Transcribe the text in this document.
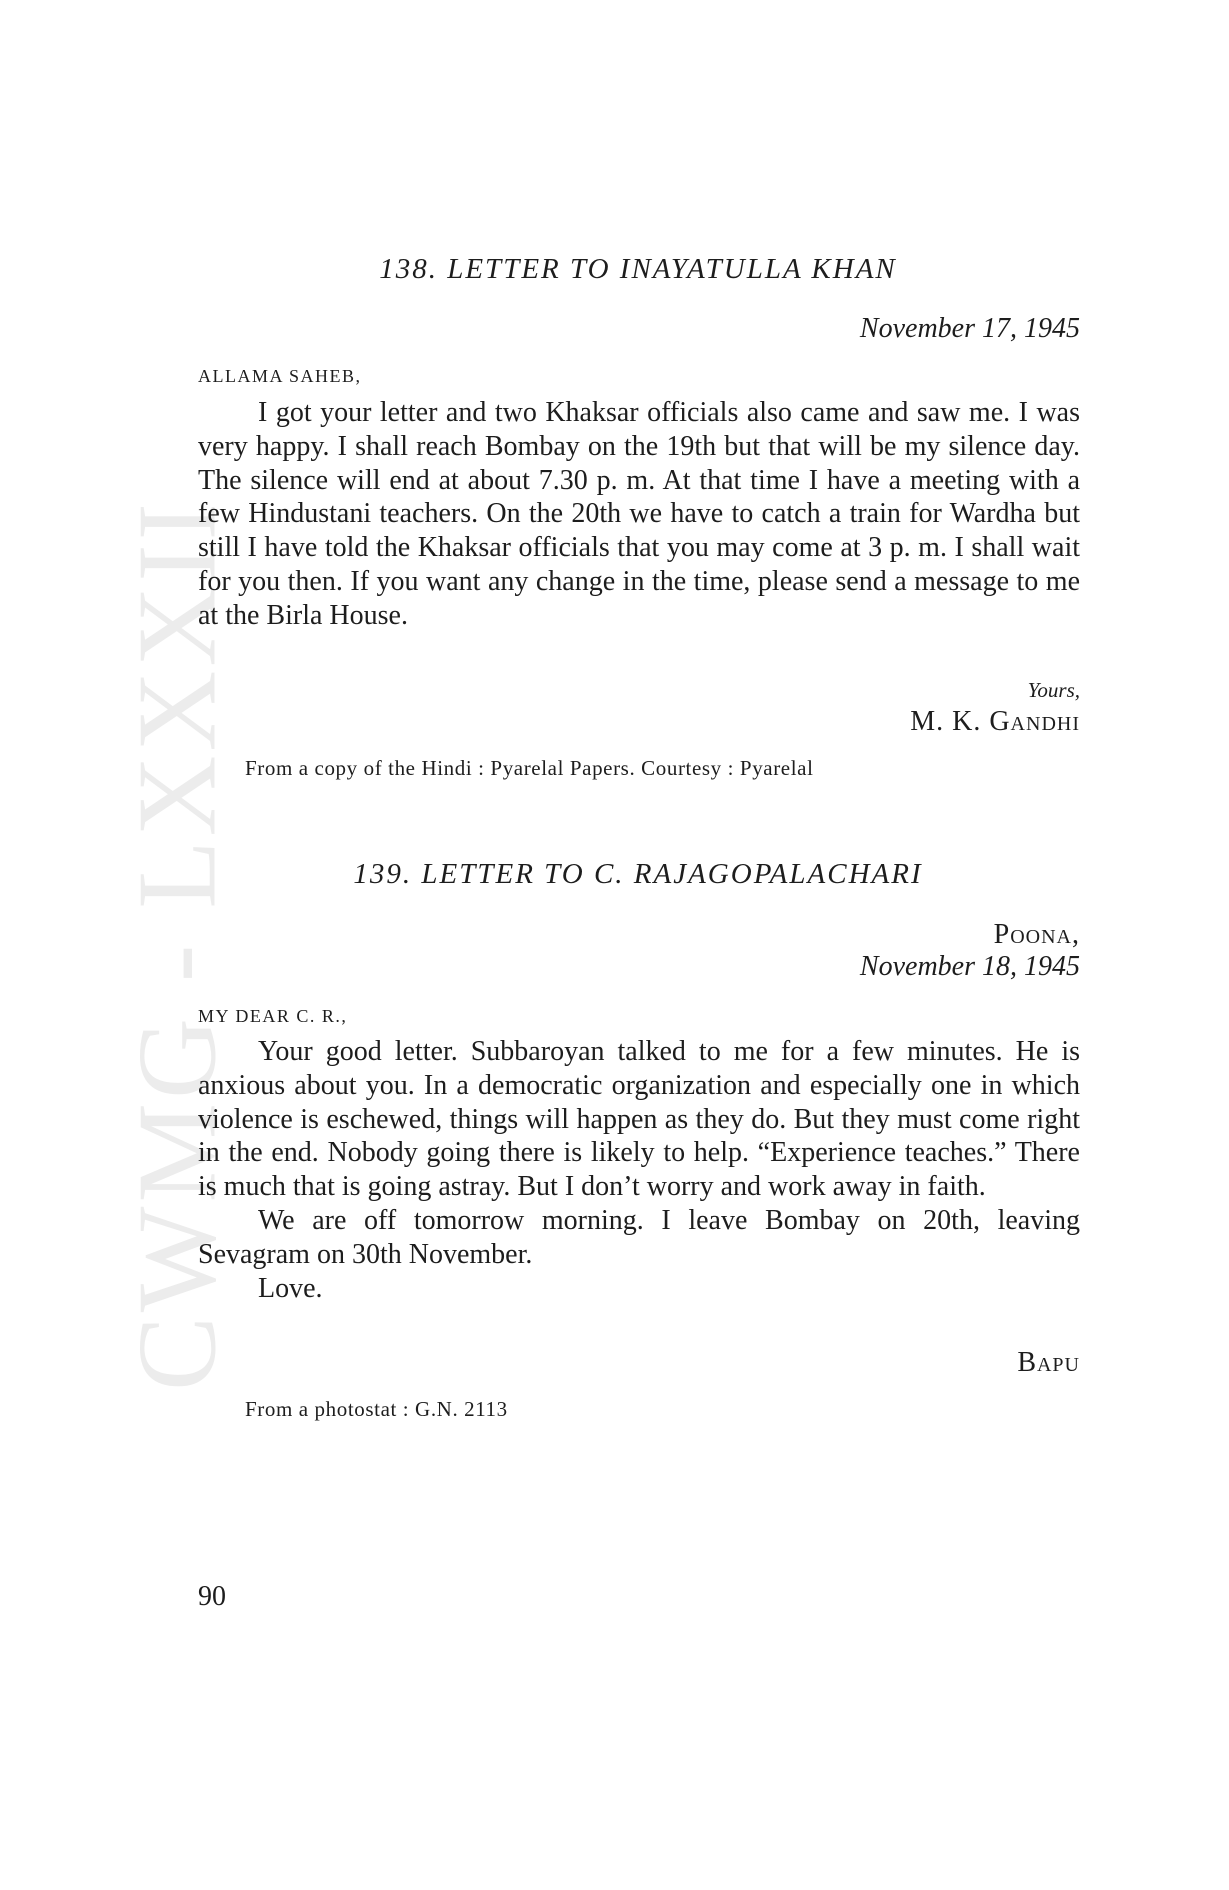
CWMG - LXXXII
138. LETTER TO INAYATULLA KHAN
November 17, 1945
ALLAMA SAHEB,

I got your letter and two Khaksar officials also came and saw me. I was very happy. I shall reach Bombay on the 19th but that will be my silence day. The silence will end at about 7.30 p. m. At that time I have a meeting with a few Hindustani teachers. On the 20th we have to catch a train for Wardha but still I have told the Khaksar officials that you may come at 3 p. m. I shall wait for you then. If you want any change in the time, please send a message to me at the Birla House.

Yours,
M. K. Gandhi
From a copy of the Hindi : Pyarelal Papers. Courtesy : Pyarelal
139. LETTER TO C. RAJAGOPALACHARI
Poona,
November 18, 1945
MY DEAR C. R.,

Your good letter. Subbaroyan talked to me for a few minutes. He is anxious about you. In a democratic organization and especially one in which violence is eschewed, things will happen as they do. But they must come right in the end. Nobody going there is likely to help. “Experience teaches.” There is much that is going astray. But I don’t worry and work away in faith.

We are off tomorrow morning. I leave Bombay on 20th, leaving Sevagram on 30th November.

Love.

Bapu
From a photostat : G.N. 2113
90
